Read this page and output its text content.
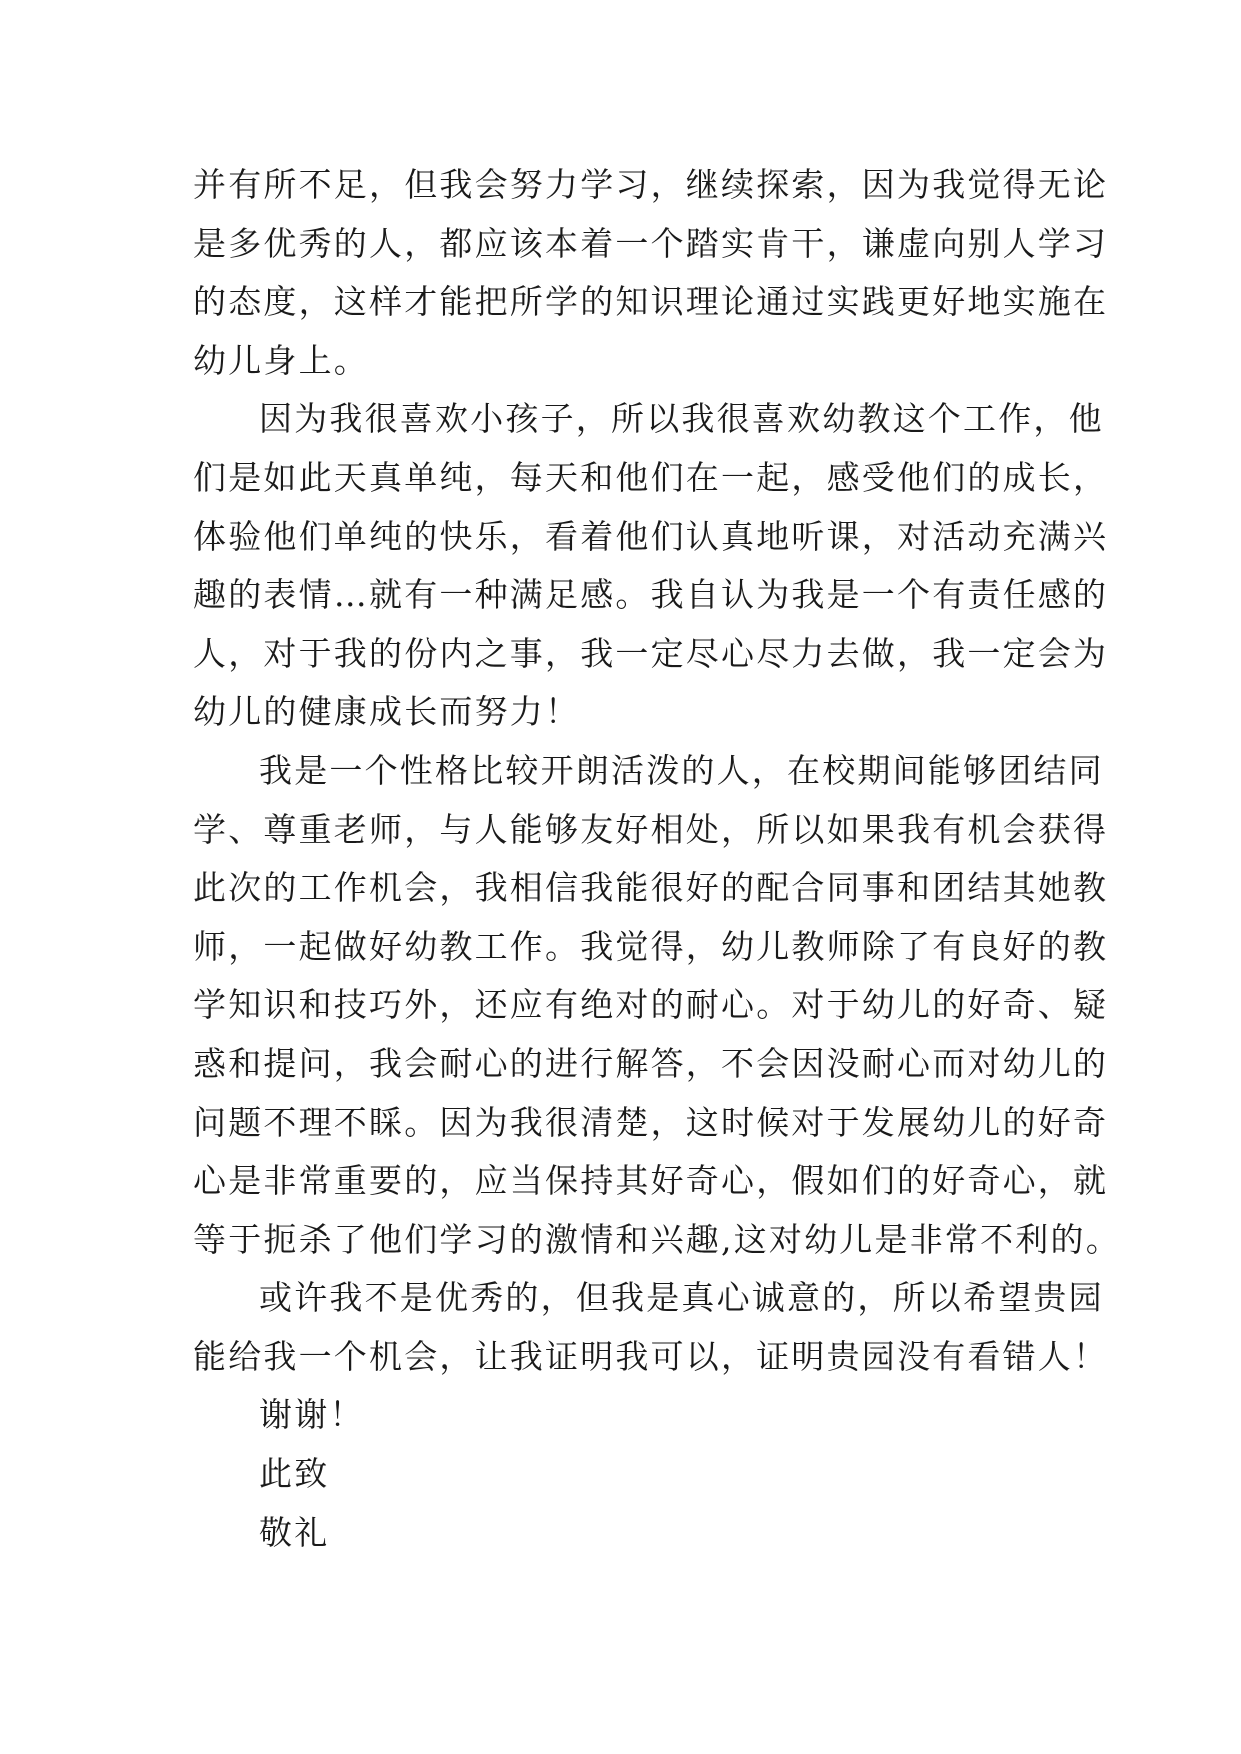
并有所不足，但我会努力学习，继续探索，因为我觉得无论
是多优秀的人，都应该本着一个踏实肯干，谦虚向别人学习
的态度，这样才能把所学的知识理论通过实践更好地实施在
幼儿身上。
因为我很喜欢小孩子，所以我很喜欢幼教这个工作，他
们是如此天真单纯，每天和他们在一起，感受他们的成长，
体验他们单纯的快乐，看着他们认真地听课，对活动充满兴
趣的表情…就有一种满足感。我自认为我是一个有责任感的
人，对于我的份内之事，我一定尽心尽力去做，我一定会为
幼儿的健康成长而努力！
我是一个性格比较开朗活泼的人，在校期间能够团结同
学、尊重老师，与人能够友好相处，所以如果我有机会获得
此次的工作机会，我相信我能很好的配合同事和团结其她教
师，一起做好幼教工作。我觉得，幼儿教师除了有良好的教
学知识和技巧外，还应有绝对的耐心。对于幼儿的好奇、疑
惑和提问，我会耐心的进行解答，不会因没耐心而对幼儿的
问题不理不睬。因为我很清楚，这时候对于发展幼儿的好奇
心是非常重要的，应当保持其好奇心，假如们的好奇心，就
等于扼杀了他们学习的激情和兴趣,这对幼儿是非常不利的。
或许我不是优秀的，但我是真心诚意的，所以希望贵园
能给我一个机会，让我证明我可以，证明贵园没有看错人！
谢谢！
此致
敬礼
